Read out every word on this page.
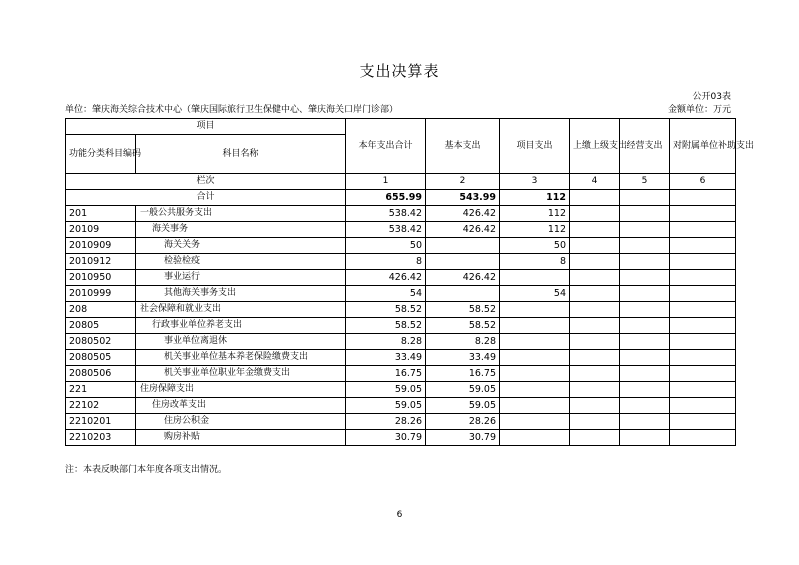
支出决算表
公开03表
单位：肇庆海关综合技术中心（肇庆国际旅行卫生保健中心、肇庆海关口岸门诊部）	金额单位：万元
项目		本年支出合计	基本支出	项目支出	上缴上级支出	经营支出	对附属单位补助支出
功能分类科目编码	科目名称						

栏次		1	2	3	4	5	6
合计		655.99	543.99	112			
201	一般公共服务支出	538.42	426.42	112			
20109	海关事务	538.42	426.42	112			
2010909	海关关务	50		50			
2010912	检验检疫	8		8			
2010950	事业运行	426.42	426.42				
2010999	其他海关事务支出	54		54			
208	社会保障和就业支出	58.52	58.52				
20805	行政事业单位养老支出	58.52	58.52				
2080502	事业单位离退休	8.28	8.28				
2080505	机关事业单位基本养老保险缴费支出	33.49	33.49				
2080506	机关事业单位职业年金缴费支出	16.75	16.75				
221	住房保障支出	59.05	59.05				
22102	住房改革支出	59.05	59.05				
2210201	住房公积金	28.26	28.26				
2210203	购房补贴	30.79	30.79				
注：本表反映部门本年度各项支出情况。
6
